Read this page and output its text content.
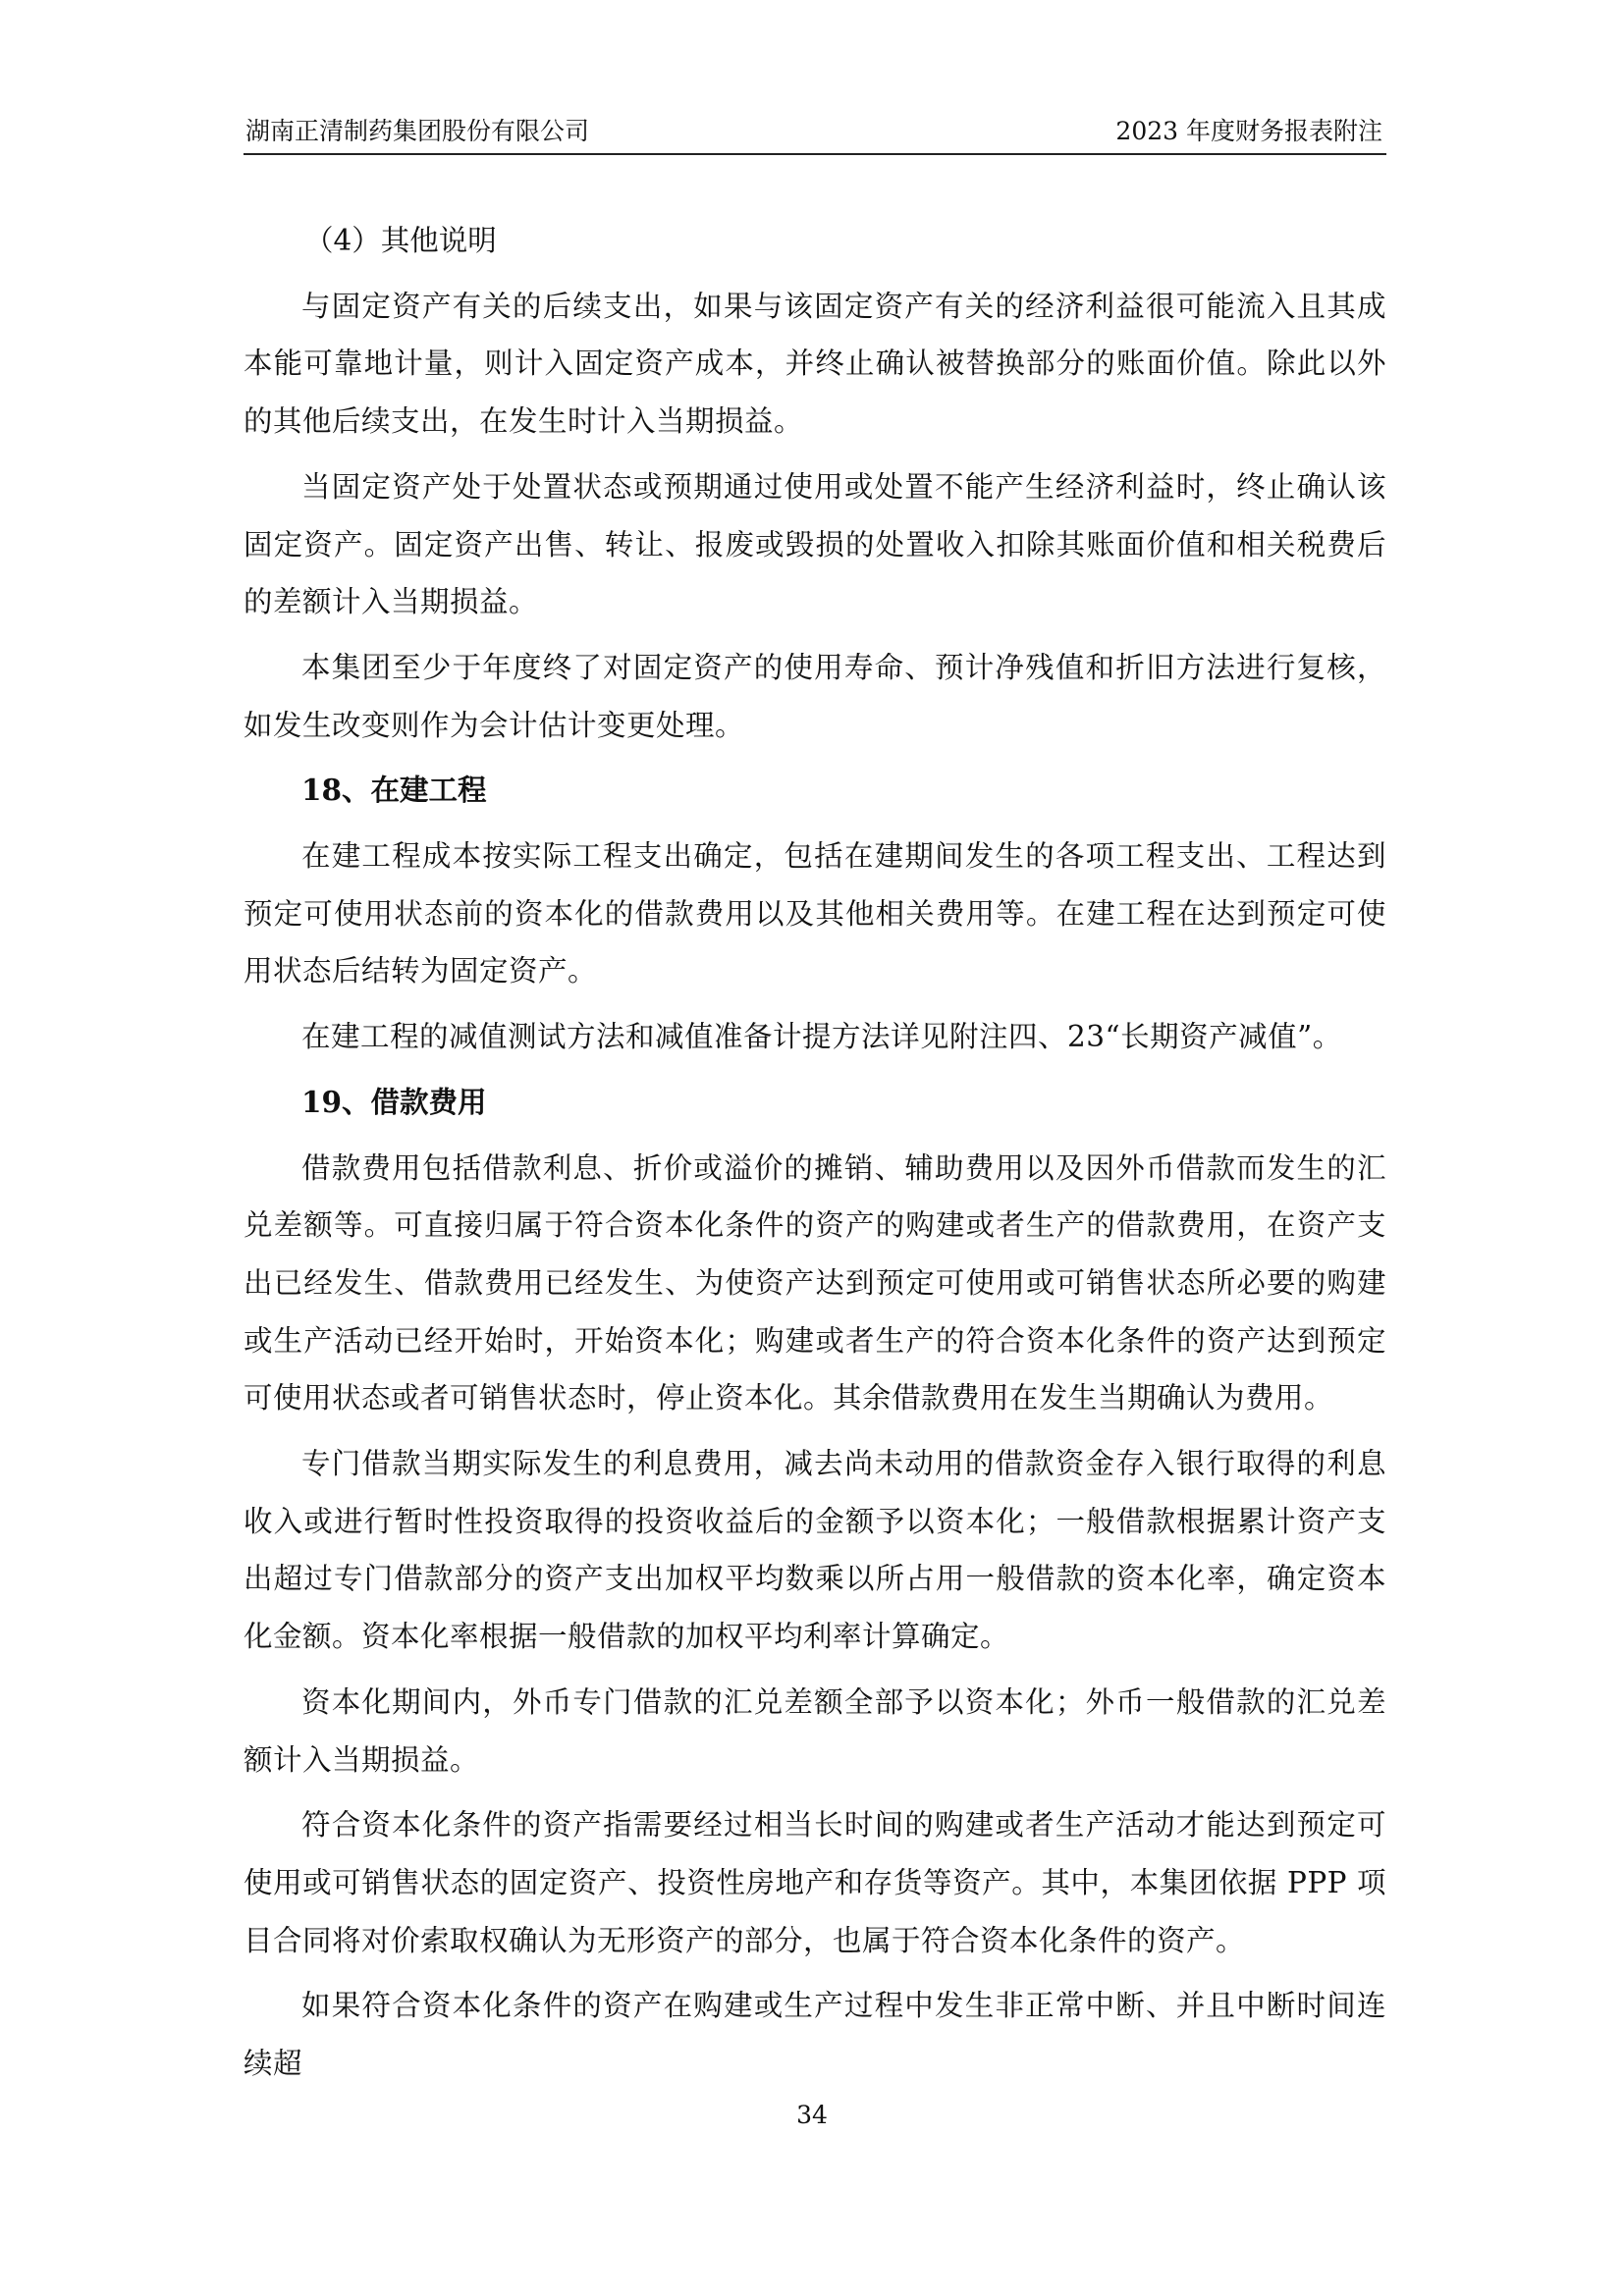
湖南正清制药集团股份有限公司	2023 年度财务报表附注
（4）其他说明

与固定资产有关的后续支出，如果与该固定资产有关的经济利益很可能流入且其成本能可靠地计量，则计入固定资产成本，并终止确认被替换部分的账面价值。除此以外的其他后续支出，在发生时计入当期损益。

当固定资产处于处置状态或预期通过使用或处置不能产生经济利益时，终止确认该固定资产。固定资产出售、转让、报废或毁损的处置收入扣除其账面价值和相关税费后的差额计入当期损益。

本集团至少于年度终了对固定资产的使用寿命、预计净残值和折旧方法进行复核，如发生改变则作为会计估计变更处理。

18、在建工程

在建工程成本按实际工程支出确定，包括在建期间发生的各项工程支出、工程达到预定可使用状态前的资本化的借款费用以及其他相关费用等。在建工程在达到预定可使用状态后结转为固定资产。

在建工程的减值测试方法和减值准备计提方法详见附注四、23“长期资产减值”。

19、借款费用

借款费用包括借款利息、折价或溢价的摊销、辅助费用以及因外币借款而发生的汇兑差额等。可直接归属于符合资本化条件的资产的购建或者生产的借款费用，在资产支出已经发生、借款费用已经发生、为使资产达到预定可使用或可销售状态所必要的购建或生产活动已经开始时，开始资本化；购建或者生产的符合资本化条件的资产达到预定可使用状态或者可销售状态时，停止资本化。其余借款费用在发生当期确认为费用。

专门借款当期实际发生的利息费用，减去尚未动用的借款资金存入银行取得的利息收入或进行暂时性投资取得的投资收益后的金额予以资本化；一般借款根据累计资产支出超过专门借款部分的资产支出加权平均数乘以所占用一般借款的资本化率，确定资本化金额。资本化率根据一般借款的加权平均利率计算确定。

资本化期间内，外币专门借款的汇兑差额全部予以资本化；外币一般借款的汇兑差额计入当期损益。

符合资本化条件的资产指需要经过相当长时间的购建或者生产活动才能达到预定可使用或可销售状态的固定资产、投资性房地产和存货等资产。其中，本集团依据 PPP 项目合同将对价索取权确认为无形资产的部分，也属于符合资本化条件的资产。

如果符合资本化条件的资产在购建或生产过程中发生非正常中断、并且中断时间连续超

34
